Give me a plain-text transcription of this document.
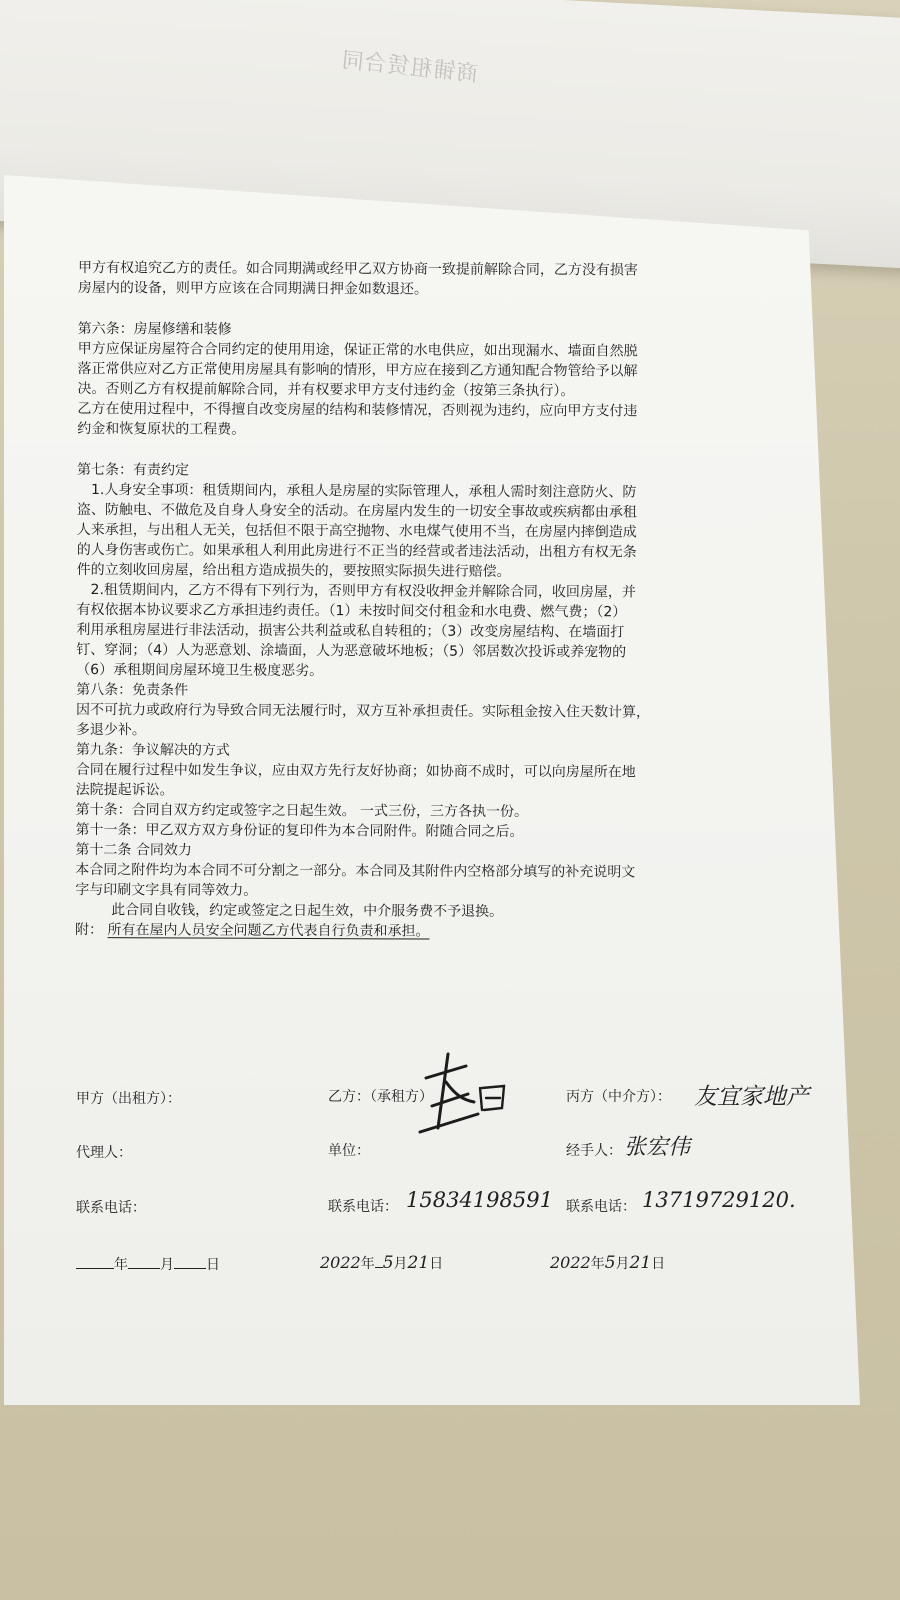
商铺租赁合同

甲方有权追究乙方的责任。如合同期满或经甲乙双方协商一致提前解除合同，乙方没有损害

房屋内的设备，则甲方应该在合同期满日押金如数退还。

第六条：房屋修缮和装修

甲方应保证房屋符合合同约定的使用用途，保证正常的水电供应，如出现漏水、墙面自然脱

落正常供应对乙方正常使用房屋具有影响的情形，甲方应在接到乙方通知配合物管给予以解

决。否则乙方有权提前解除合同，并有权要求甲方支付违约金（按第三条执行）。

乙方在使用过程中，不得擅自改变房屋的结构和装修情况，否则视为违约，应向甲方支付违

约金和恢复原状的工程费。

第七条：有责约定

1.人身安全事项：租赁期间内，承租人是房屋的实际管理人，承租人需时刻注意防火、防

盗、防触电、不做危及自身人身安全的活动。在房屋内发生的一切安全事故或疾病都由承租

人来承担，与出租人无关，包括但不限于高空抛物、水电煤气使用不当，在房屋内摔倒造成

的人身伤害或伤亡。如果承租人利用此房进行不正当的经营或者违法活动，出租方有权无条

件的立刻收回房屋，给出租方造成损失的，要按照实际损失进行赔偿。

2.租赁期间内，乙方不得有下列行为，否则甲方有权没收押金并解除合同，收回房屋，并

有权依据本协议要求乙方承担违约责任。（1）未按时间交付租金和水电费、燃气费；（2）

利用承租房屋进行非法活动，损害公共利益或私自转租的；（3）改变房屋结构、在墙面打

钉、穿洞；（4）人为恶意划、涂墙面，人为恶意破坏地板；（5）邻居数次投诉或养宠物的

（6）承租期间房屋环境卫生极度恶劣。

第八条：免责条件

因不可抗力或政府行为导致合同无法履行时，双方互补承担责任。实际租金按入住天数计算，

多退少补。

第九条：争议解决的方式

合同在履行过程中如发生争议，应由双方先行友好协商；如协商不成时，可以向房屋所在地

法院提起诉讼。

第十条：合同自双方约定或签字之日起生效。 一式三份，三方各执一份。

第十一条：甲乙双方双方身份证的复印件为本合同附件。附随合同之后。

第十二条 合同效力

本合同之附件均为本合同不可分割之一部分。本合同及其附件内空格部分填写的补充说明文

字与印刷文字具有同等效力。

此合同自收钱，约定或签定之日起生效，中介服务费不予退换。

附： 所有在屋内人员安全问题乙方代表自行负责和承担。

甲方（出租方）：
代理人：
联系电话：
年 月 日
乙方：（承租方）
单位：
联系电话： 15834198591
2022年 5月21日
丙方（中介方）： 友宜家地产
经手人： 张宏伟
联系电话： 13719729120.
2022年5月21日
